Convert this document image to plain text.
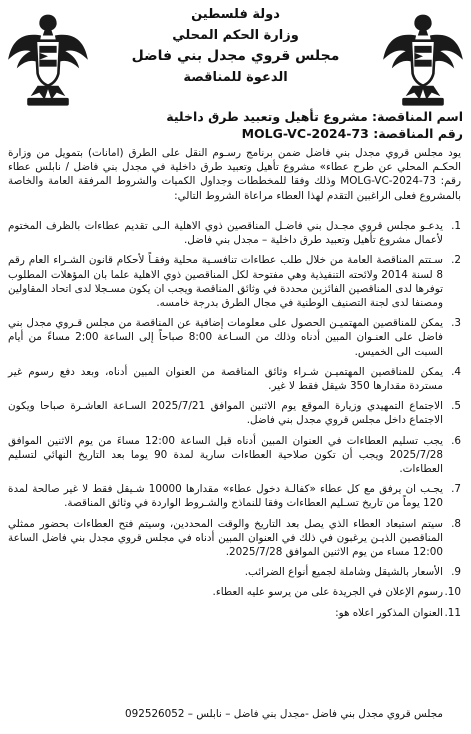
دولة فلسطين
وزارة الحكم المحلي
مجلس قروي مجدل بني فاضل
الدعوة للمناقصة
اسم المناقصة: مشروع تأهيل وتعبيد طرق داخلية
رقم المناقصة: MOLG-VC-2024-73
يود مجلس قروي مجدل بني فاضل ضمن برنامج رسـوم النقل على الطرق (امانات) بتمويل من وزارة الحكـم المحلي عن طرح عطاء» مشروع تأهيل وتعبيد طرق داخلية في مجدل بني فاضل / نابلس عطاء رقم: MOLG-VC-2024-73 وذلك وفقا للمخططات وجداول الكميات والشروط المرفقة العامة والخاصة بالمشروع فعلى الراغبين التقدم لهذا العطاء مراعاة الشروط التالي:
1.
يدعـو مجلس قروي مجـدل بني فاضـل المناقصين ذوي الاهلية الـى تقديم عطاءات بالظرف المختوم لأعمال مشروع تأهيل وتعبيد طرق داخلية – مجدل بني فاضل.
2.
سـتتم المناقصة العامة من خلال طلب عطاءات تنافسـية محلية وفقـاً لأحكام قانون الشـراء العام رقم 8 لسنة 2014 ولائحته التنفيذية وهي مفتوحة لكل المناقصين ذوي الاهلية علما بان المؤهلات المطلوب توفرها لدى المناقصين الفائزين محددة في وثائق المناقصة ويجب ان يكون مسـجلا لدى اتحاد المقاولين ومصنفا لدى لجنة التصنيف الوطنية في مجال الطرق بدرجة خامسه.
3.
يمكن للمناقصين المهتميـن الحصول على معلومات إضافية عن المناقصة من مجلس قـروي مجدل بني فاضل على العنـوان المبين أدناه وذلك من السـاعة 8:00 صباحاً إلى الساعة 2:00 مساءً من أيام السبت الى الخميس.
4.
يمكن للمناقصين المهتميـن شـراء وثائق المناقصة من العنوان المبين أدناه، وبعد دفع رسوم غير مستردة مقدارها 350 شيقل فقط لا غير.
5.
الاجتماع التمهيدي وزيارة الموقع يوم الاثنين الموافق 2025/7/21 السـاعة العاشـرة صباحا ويكون الاجتماع داخل مجلس قروي مجدل بني فاضل.
6.
يجب تسليم العطاءات في العنوان المبين أدناه قبل الساعة 12:00 مساءَ من يوم الاثنين الموافق 2025/7/28 ويجب أن تكون صلاحية العطاءات سارية لمدة 90 يوما بعد التاريخ النهائي لتسليم العطاءات.
7.
يجـب ان يرفق مع كل عطاء «كفالـة دخول عطاء» مقدارها 10000 شـيقل فقط لا غير صالحة لمدة 120 يوماً من تاريخ تسـليم العطاءات وفقا للنماذج والشـروط الواردة في وثائق المناقصة.
8.
سيتم استبعاد العطاء الذي يصل بعد التاريخ والوقت المحددين، وسيتم فتح العطاءات بحضور ممثلي المناقصين الذيـن يرغبون في ذلك في العنوان المبين أدناه في مجلس قروي مجدل بني فاضل الساعة 12:00 مساء من يوم الاثنين الموافق 2025/7/28.
9.
الأسعار بالشيقل وشاملة لجميع أنواع الضرائب.
10.
رسوم الإعلان في الجريدة على من يرسو عليه العطاء.
11.
العنوان المذكور اعلاه هو:
مجلس قروي مجدل بني فاضل -مجدل بني فاضل – نابلس – 092526052
